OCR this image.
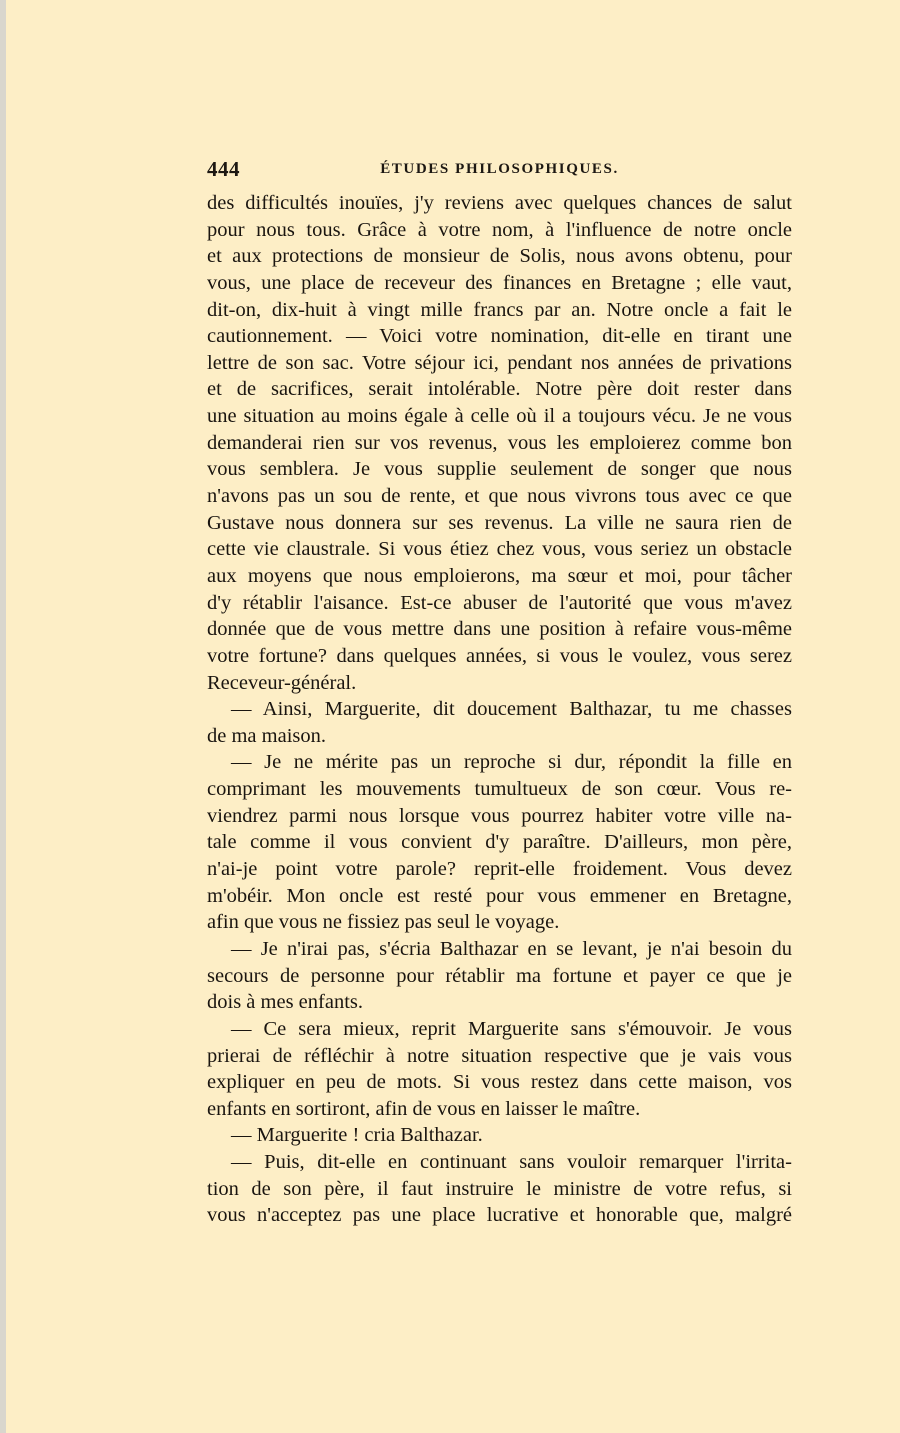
444	ÉTUDES PHILOSOPHIQUES.
des difficultés inouïes, j'y reviens avec quelques chances de salut
pour nous tous. Grâce à votre nom, à l'influence de notre oncle
et aux protections de monsieur de Solis, nous avons obtenu, pour
vous, une place de receveur des finances en Bretagne ; elle vaut,
dit-on, dix-huit à vingt mille francs par an. Notre oncle a fait le
cautionnement. — Voici votre nomination, dit-elle en tirant une
lettre de son sac. Votre séjour ici, pendant nos années de privations
et de sacrifices, serait intolérable. Notre père doit rester dans
une situation au moins égale à celle où il a toujours vécu. Je ne vous
demanderai rien sur vos revenus, vous les emploierez comme bon
vous semblera. Je vous supplie seulement de songer que nous
n'avons pas un sou de rente, et que nous vivrons tous avec ce que
Gustave nous donnera sur ses revenus. La ville ne saura rien de
cette vie claustrale. Si vous étiez chez vous, vous seriez un obstacle
aux moyens que nous emploierons, ma sœur et moi, pour tâcher
d'y rétablir l'aisance. Est-ce abuser de l'autorité que vous m'avez
donnée que de vous mettre dans une position à refaire vous-même
votre fortune? dans quelques années, si vous le voulez, vous serez
Receveur-général.
— Ainsi, Marguerite, dit doucement Balthazar, tu me chasses
de ma maison.
— Je ne mérite pas un reproche si dur, répondit la fille en
comprimant les mouvements tumultueux de son cœur. Vous re-
viendrez parmi nous lorsque vous pourrez habiter votre ville na-
tale comme il vous convient d'y paraître. D'ailleurs, mon père,
n'ai-je point votre parole? reprit-elle froidement. Vous devez
m'obéir. Mon oncle est resté pour vous emmener en Bretagne,
afin que vous ne fissiez pas seul le voyage.
— Je n'irai pas, s'écria Balthazar en se levant, je n'ai besoin du
secours de personne pour rétablir ma fortune et payer ce que je
dois à mes enfants.
— Ce sera mieux, reprit Marguerite sans s'émouvoir. Je vous
prierai de réfléchir à notre situation respective que je vais vous
expliquer en peu de mots. Si vous restez dans cette maison, vos
enfants en sortiront, afin de vous en laisser le maître.
— Marguerite ! cria Balthazar.
— Puis, dit-elle en continuant sans vouloir remarquer l'irrita-
tion de son père, il faut instruire le ministre de votre refus, si
vous n'acceptez pas une place lucrative et honorable que, malgré
